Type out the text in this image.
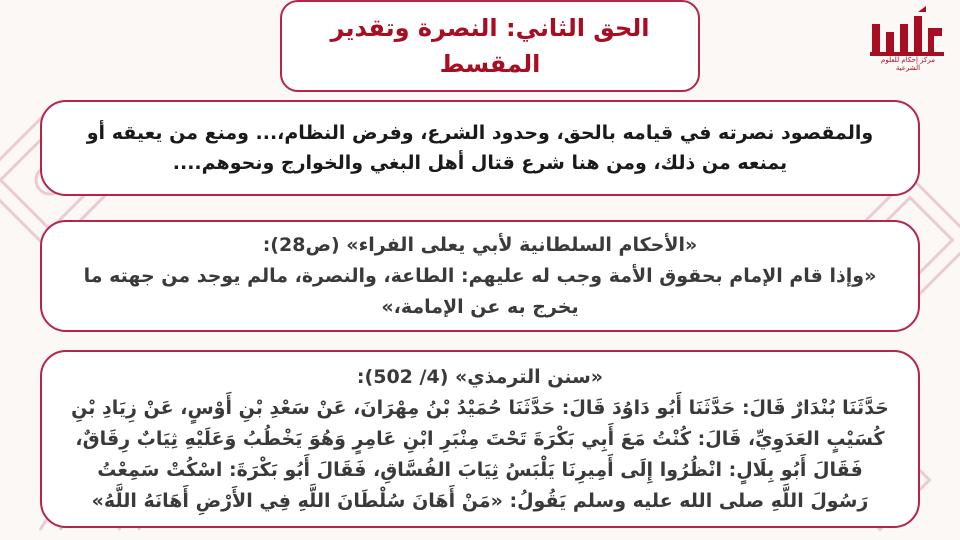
مركز إحكام للعلوم الشرعية
الحق الثاني: النصرة وتقدير المقسط
والمقصود نصرته في قيامه بالحق، وحدود الشرع، وفرض النظام،... ومنع من يعيقه أو يمنعه من ذلك، ومن هنا شرع قتال أهل البغي والخوارج ونحوهم....
«الأحكام السلطانية لأبي يعلى الفراء» (ص28):
«وإذا قام الإمام بحقوق الأمة وجب له عليهم: الطاعة، والنصرة، مالم يوجد من جهته ما يخرج به عن الإمامة،»
«سنن الترمذي» (4/ 502):
حَدَّثَنَا بُنْدَارٌ قَالَ: حَدَّثَنَا أَبُو دَاوُدَ قَالَ: حَدَّثَنَا حُمَيْدُ بْنُ مِهْرَانَ، عَنْ سَعْدِ بْنِ أَوْسٍ، عَنْ زِيَادِ بْنِ كُسَيْبٍ العَدَوِيِّ، قَالَ: كُنْتُ مَعَ أَبِي بَكْرَةَ تَحْتَ مِنْبَرِ ابْنِ عَامِرٍ وَهُوَ يَخْطُبُ وَعَلَيْهِ ثِيَابٌ رِقَاقٌ، فَقَالَ أَبُو بِلَالٍ: انْظُرُوا إِلَى أَمِيرِنَا يَلْبَسُ ثِيَابَ الفُسَّاقِ، فَقَالَ أَبُو بَكْرَةَ: اسْكُتْ سَمِعْتُ رَسُولَ اللَّهِ صلى الله عليه وسلم يَقُولُ: «مَنْ أَهَانَ سُلْطَانَ اللَّهِ فِي الأَرْضِ أَهَانَهُ اللَّهُ»
